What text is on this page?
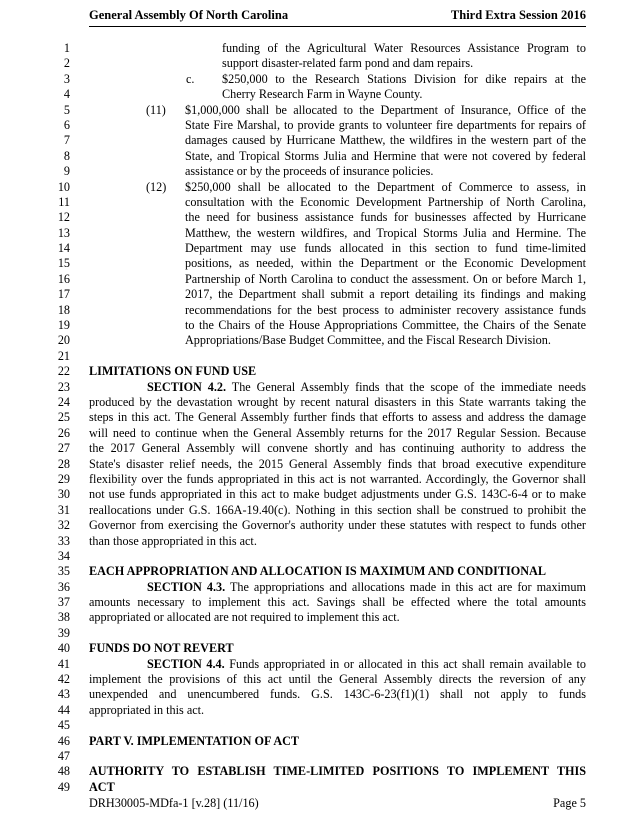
General Assembly Of North Carolina	Third Extra Session 2016
1	funding of the Agricultural Water Resources Assistance Program to
2	support disaster-related farm pond and dam repairs.
3	c. $250,000 to the Research Stations Division for dike repairs at the
4	Cherry Research Farm in Wayne County.
5	(11) $1,000,000 shall be allocated to the Department of Insurance, Office of the
6	State Fire Marshal, to provide grants to volunteer fire departments for repairs of
7	damages caused by Hurricane Matthew, the wildfires in the western part of the
8	State, and Tropical Storms Julia and Hermine that were not covered by federal
9	assistance or by the proceeds of insurance policies.
10	(12) $250,000 shall be allocated to the Department of Commerce to assess, in
11	consultation with the Economic Development Partnership of North Carolina,
12	the need for business assistance funds for businesses affected by Hurricane
13	Matthew, the western wildfires, and Tropical Storms Julia and Hermine. The
14	Department may use funds allocated in this section to fund time-limited
15	positions, as needed, within the Department or the Economic Development
16	Partnership of North Carolina to conduct the assessment. On or before March 1,
17	2017, the Department shall submit a report detailing its findings and making
18	recommendations for the best process to administer recovery assistance funds
19	to the Chairs of the House Appropriations Committee, the Chairs of the Senate
20	Appropriations/Base Budget Committee, and the Fiscal Research Division.
21
22 LIMITATIONS ON FUND USE
23	SECTION 4.2. The General Assembly finds that the scope of the immediate needs
24 produced by the devastation wrought by recent natural disasters in this State warrants taking the
25 steps in this act. The General Assembly further finds that efforts to assess and address the damage
26 will need to continue when the General Assembly returns for the 2017 Regular Session. Because
27 the 2017 General Assembly will convene shortly and has continuing authority to address the
28 State's disaster relief needs, the 2015 General Assembly finds that broad executive expenditure
29 flexibility over the funds appropriated in this act is not warranted. Accordingly, the Governor shall
30 not use funds appropriated in this act to make budget adjustments under G.S. 143C-6-4 or to make
31 reallocations under G.S. 166A-19.40(c). Nothing in this section shall be construed to prohibit the
32 Governor from exercising the Governor's authority under these statutes with respect to funds other
33 than those appropriated in this act.
34
35 EACH APPROPRIATION AND ALLOCATION IS MAXIMUM AND CONDITIONAL
36	SECTION 4.3. The appropriations and allocations made in this act are for maximum
37 amounts necessary to implement this act. Savings shall be effected where the total amounts
38 appropriated or allocated are not required to implement this act.
39
40 FUNDS DO NOT REVERT
41	SECTION 4.4. Funds appropriated in or allocated in this act shall remain available to
42 implement the provisions of this act until the General Assembly directs the reversion of any
43 unexpended and unencumbered funds. G.S. 143C-6-23(f1)(1) shall not apply to funds
44 appropriated in this act.
45
46 PART V. IMPLEMENTATION OF ACT
47
48 AUTHORITY TO ESTABLISH TIME-LIMITED POSITIONS TO IMPLEMENT THIS
49 ACT
DRH30005-MDfa-1 [v.28] (11/16)	Page 5
